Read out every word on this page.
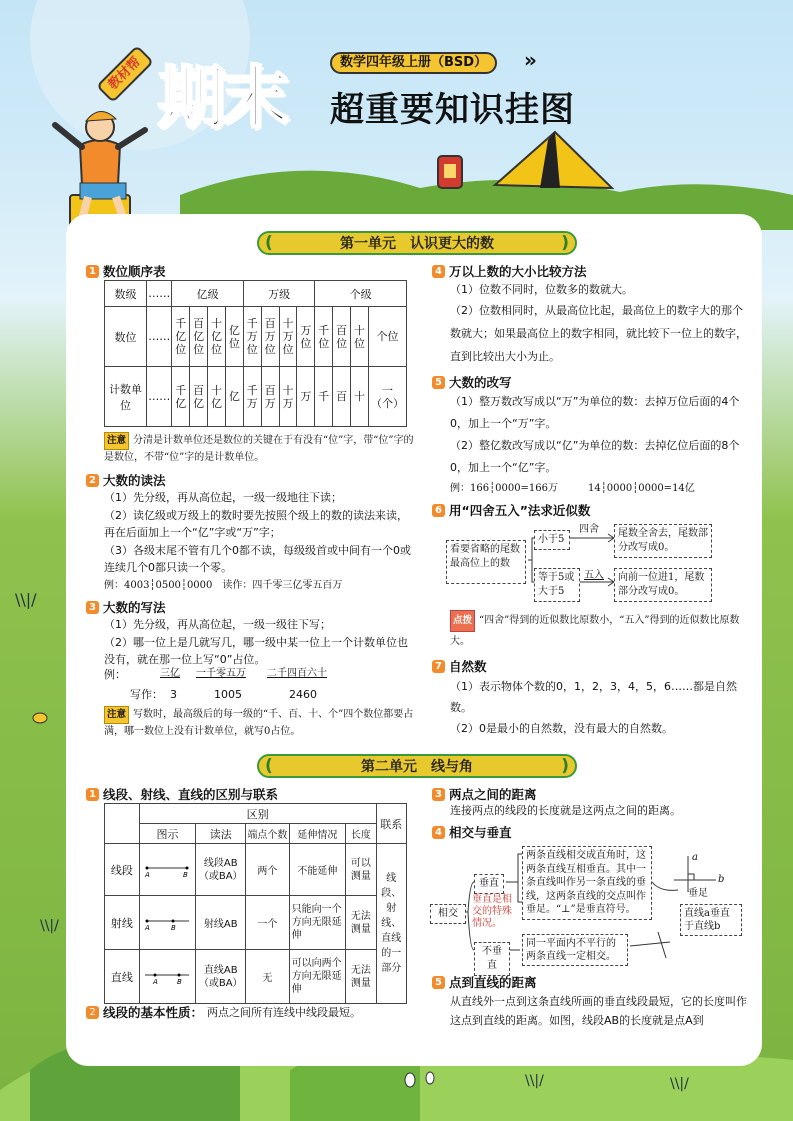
\\|/
\\|/
\\|/	\\|/
教材帮 期末	数学四年级上册（BSD）	»
超重要知识挂图
(	第一单元　认识更大的数	)
1 数位顺序表
数级	……	亿级				万级				个级			
数位	……	千亿位	百亿位	十亿位	亿位	千万位	百万位	十万位	万位	千位	百位	十位	个位
计数单位	……	千亿	百亿	十亿	亿	千万	百万	十万	万	千	百	十	一（个）
注意 分清是计数单位还是数位的关键在于有没有“位”字，带“位”字的是数位，不带“位”字的是计数单位。
2 大数的读法
（1）先分级，再从高位起，一级一级地往下读；
（2）读亿级或万级上的数时要先按照个级上的数的读法来读，再在后面加上一个“亿”字或“万”字；
（3）各级末尾不管有几个0都不读，每级级首或中间有一个0或连续几个0都只读一个零。
例：4003┆0500┆0000　读作：四千零三亿零五百万
3 大数的写法
（1）先分级，再从高位起，一级一级往下写；
（2）哪一位上是几就写几，哪一级中某一位上一个计数单位也没有，就在那一位上写“0”占位。
例：	三亿 一千零五万 二千四百六十
写作： 3	1005	2460
注意 写数时，最高级后的每一级的“千、百、十、个”四个数位都要占满，哪一数位上没有计数单位，就写0占位。
4 万以上数的大小比较方法
（1）位数不同时，位数多的数就大。
（2）位数相同时，从最高位比起，最高位上的数字大的那个数就大；如果最高位上的数字相同，就比较下一位上的数字，直到比较出大小为止。
5 大数的改写
（1）整万数改写成以“万”为单位的数：去掉万位后面的4个0，加上一个“万”字。
（2）整亿数改写成以“亿”为单位的数：去掉亿位后面的8个0，加上一个“亿”字。
例：166┆0000=166万　　　14┆0000┆0000=14亿
6 用“四舍五入”法求近似数
看要省略的尾数最高位上的数
小于5
四舍	尾数全舍去，尾数部分改写成0。
等于5或大于5
五入	向前一位进1，尾数部分改写成0。
点拨 “四舍”得到的近似数比原数小，“五入”得到的近似数比原数大。
7 自然数
（1）表示物体个数的0，1，2，3，4，5，6……都是自然数。
（2）0是最小的自然数，没有最大的自然数。
(	第二单元　线与角	)
1 线段、射线、直线的区别与联系
	区别					联系
	图示	读法	端点个数	延伸情况	长度	
线段	A B	线段AB（或BA）	两个	不能延伸	可以测量	线段、射线、直线的一部分
射线	A B	射线AB	一个	只能向一个方向无限延伸	无法测量	
直线	A B	直线AB（或BA）	无	可以向两个方向无限延伸	无法测量	
2 线段的基本性质： 两点之间所有连线中线段最短。
3 两点之间的距离
连接两点的线段的长度就是这两点之间的距离。
4 相交与垂直
相交
垂直
垂直是相交的特殊情况。
不垂直
两条直线相交成直角时，这两条直线互相垂直。其中一条直线叫作另一条直线的垂线，这两条直线的交点叫作垂足。“⊥”是垂直符号。
同一平面内不平行的两条直线一定相交。
垂足
a
b
直线a垂直于直线b
5 点到直线的距离
从直线外一点到这条直线所画的垂直线段最短，它的长度叫作这点到直线的距离。如图，线段AB的长度就是点A到
